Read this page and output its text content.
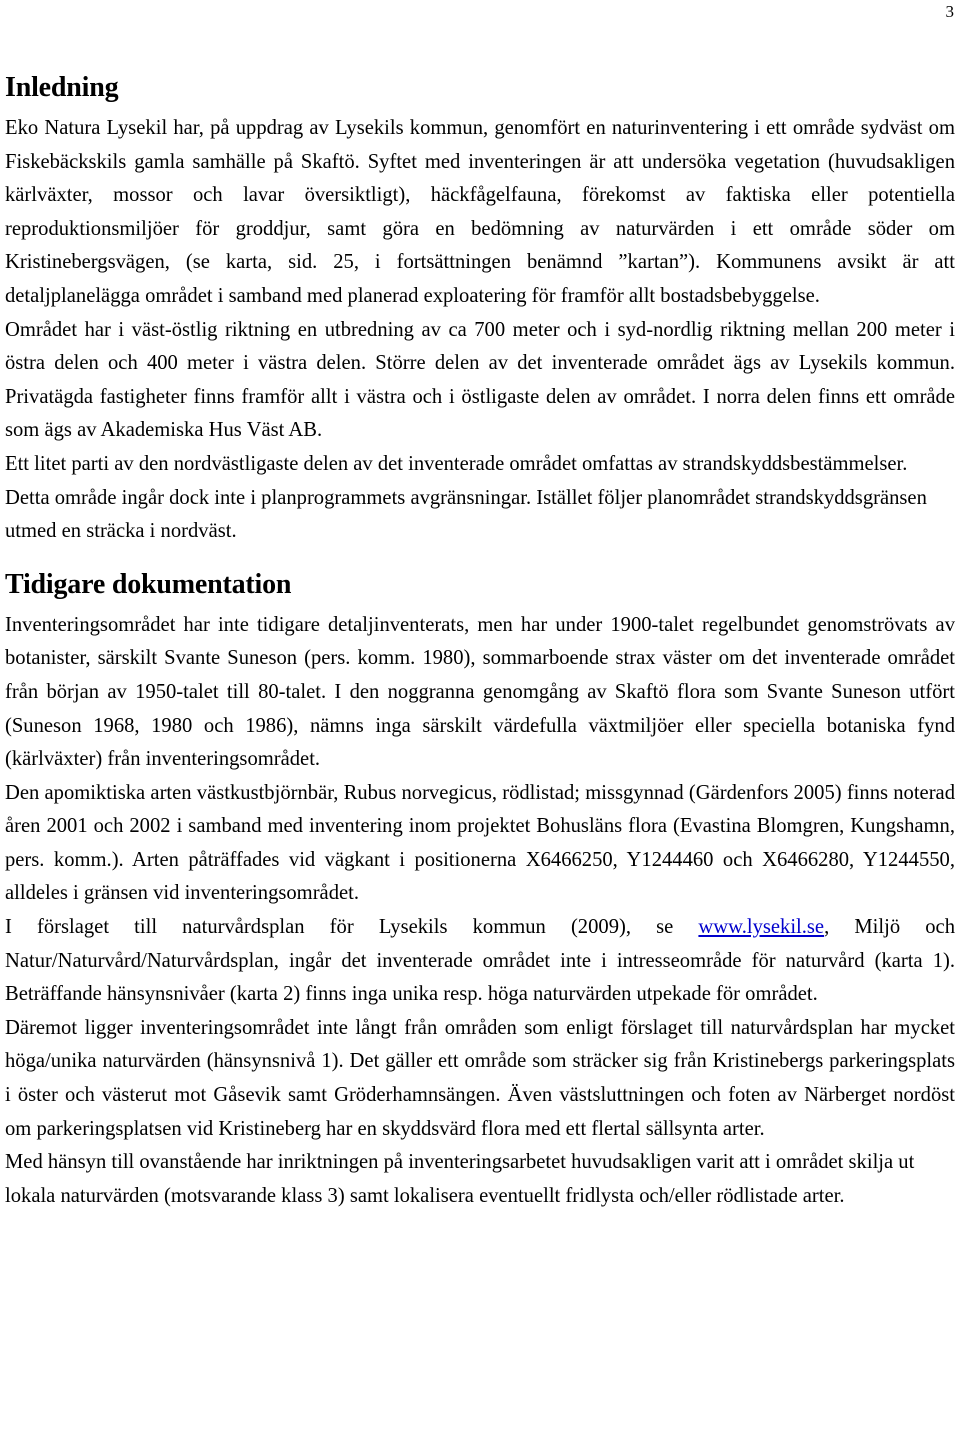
3
Inledning

Eko Natura Lysekil har, på uppdrag av Lysekils kommun, genomfört en naturinventering i ett område sydväst om Fiskebäckskils gamla samhälle på Skaftö. Syftet med inventeringen är att undersöka vegetation (huvudsakligen kärlväxter, mossor och lavar översiktligt), häckfågelfauna, förekomst av faktiska eller potentiella reproduktionsmiljöer för groddjur, samt göra en bedömning av naturvärden i ett område söder om Kristinebergsvägen, (se karta, sid. 25, i fortsättningen benämnd ”kartan”). Kommunens avsikt är att detaljplanelägga området i samband med planerad exploatering för framför allt bostadsbebyggelse.

Området har i väst-östlig riktning en utbredning av ca 700 meter och i syd-nordlig riktning mellan 200 meter i östra delen och 400 meter i västra delen. Större delen av det inventerade området ägs av Lysekils kommun. Privatägda fastigheter finns framför allt i västra och i östligaste delen av området. I norra delen finns ett område som ägs av Akademiska Hus Väst AB.

Ett litet parti av den nordvästligaste delen av det inventerade området omfattas av strandskyddsbestämmelser. Detta område ingår dock inte i planprogrammets avgränsningar. Istället följer planområdet strandskyddsgränsen utmed en sträcka i nordväst.

Tidigare dokumentation

Inventeringsområdet har inte tidigare detaljinventerats, men har under 1900-talet regelbundet genomströvats av botanister, särskilt Svante Suneson (pers. komm. 1980), sommarboende strax väster om det inventerade området från början av 1950-talet till 80-talet. I den noggranna genomgång av Skaftö flora som Svante Suneson utfört (Suneson 1968, 1980 och 1986), nämns inga särskilt värdefulla växtmiljöer eller speciella botaniska fynd (kärlväxter) från inventeringsområdet.

Den apomiktiska arten västkustbjörnbär, Rubus norvegicus, rödlistad; missgynnad (Gärdenfors 2005) finns noterad åren 2001 och 2002 i samband med inventering inom projektet Bohusläns flora (Evastina Blomgren, Kungshamn, pers. komm.). Arten påträffades vid vägkant i positionerna X6466250, Y1244460 och X6466280, Y1244550, alldeles i gränsen vid inventeringsområdet.

I förslaget till naturvårdsplan för Lysekils kommun (2009), se www.lysekil.se, Miljö och Natur/Naturvård/Naturvårdsplan, ingår det inventerade området inte i intresseområde för naturvård (karta 1). Beträffande hänsynsnivåer (karta 2) finns inga unika resp. höga naturvärden utpekade för området.

Däremot ligger inventeringsområdet inte långt från områden som enligt förslaget till naturvårdsplan har mycket höga/unika naturvärden (hänsynsnivå 1). Det gäller ett område som sträcker sig från Kristinebergs parkeringsplats i öster och västerut mot Gåsevik samt Gröderhamnsängen. Även västsluttningen och foten av Närberget nordöst om parkeringsplatsen vid Kristineberg har en skyddsvärd flora med ett flertal sällsynta arter.

Med hänsyn till ovanstående har inriktningen på inventeringsarbetet huvudsakligen varit att i området skilja ut lokala naturvärden (motsvarande klass 3) samt lokalisera eventuellt fridlysta och/eller rödlistade arter.
